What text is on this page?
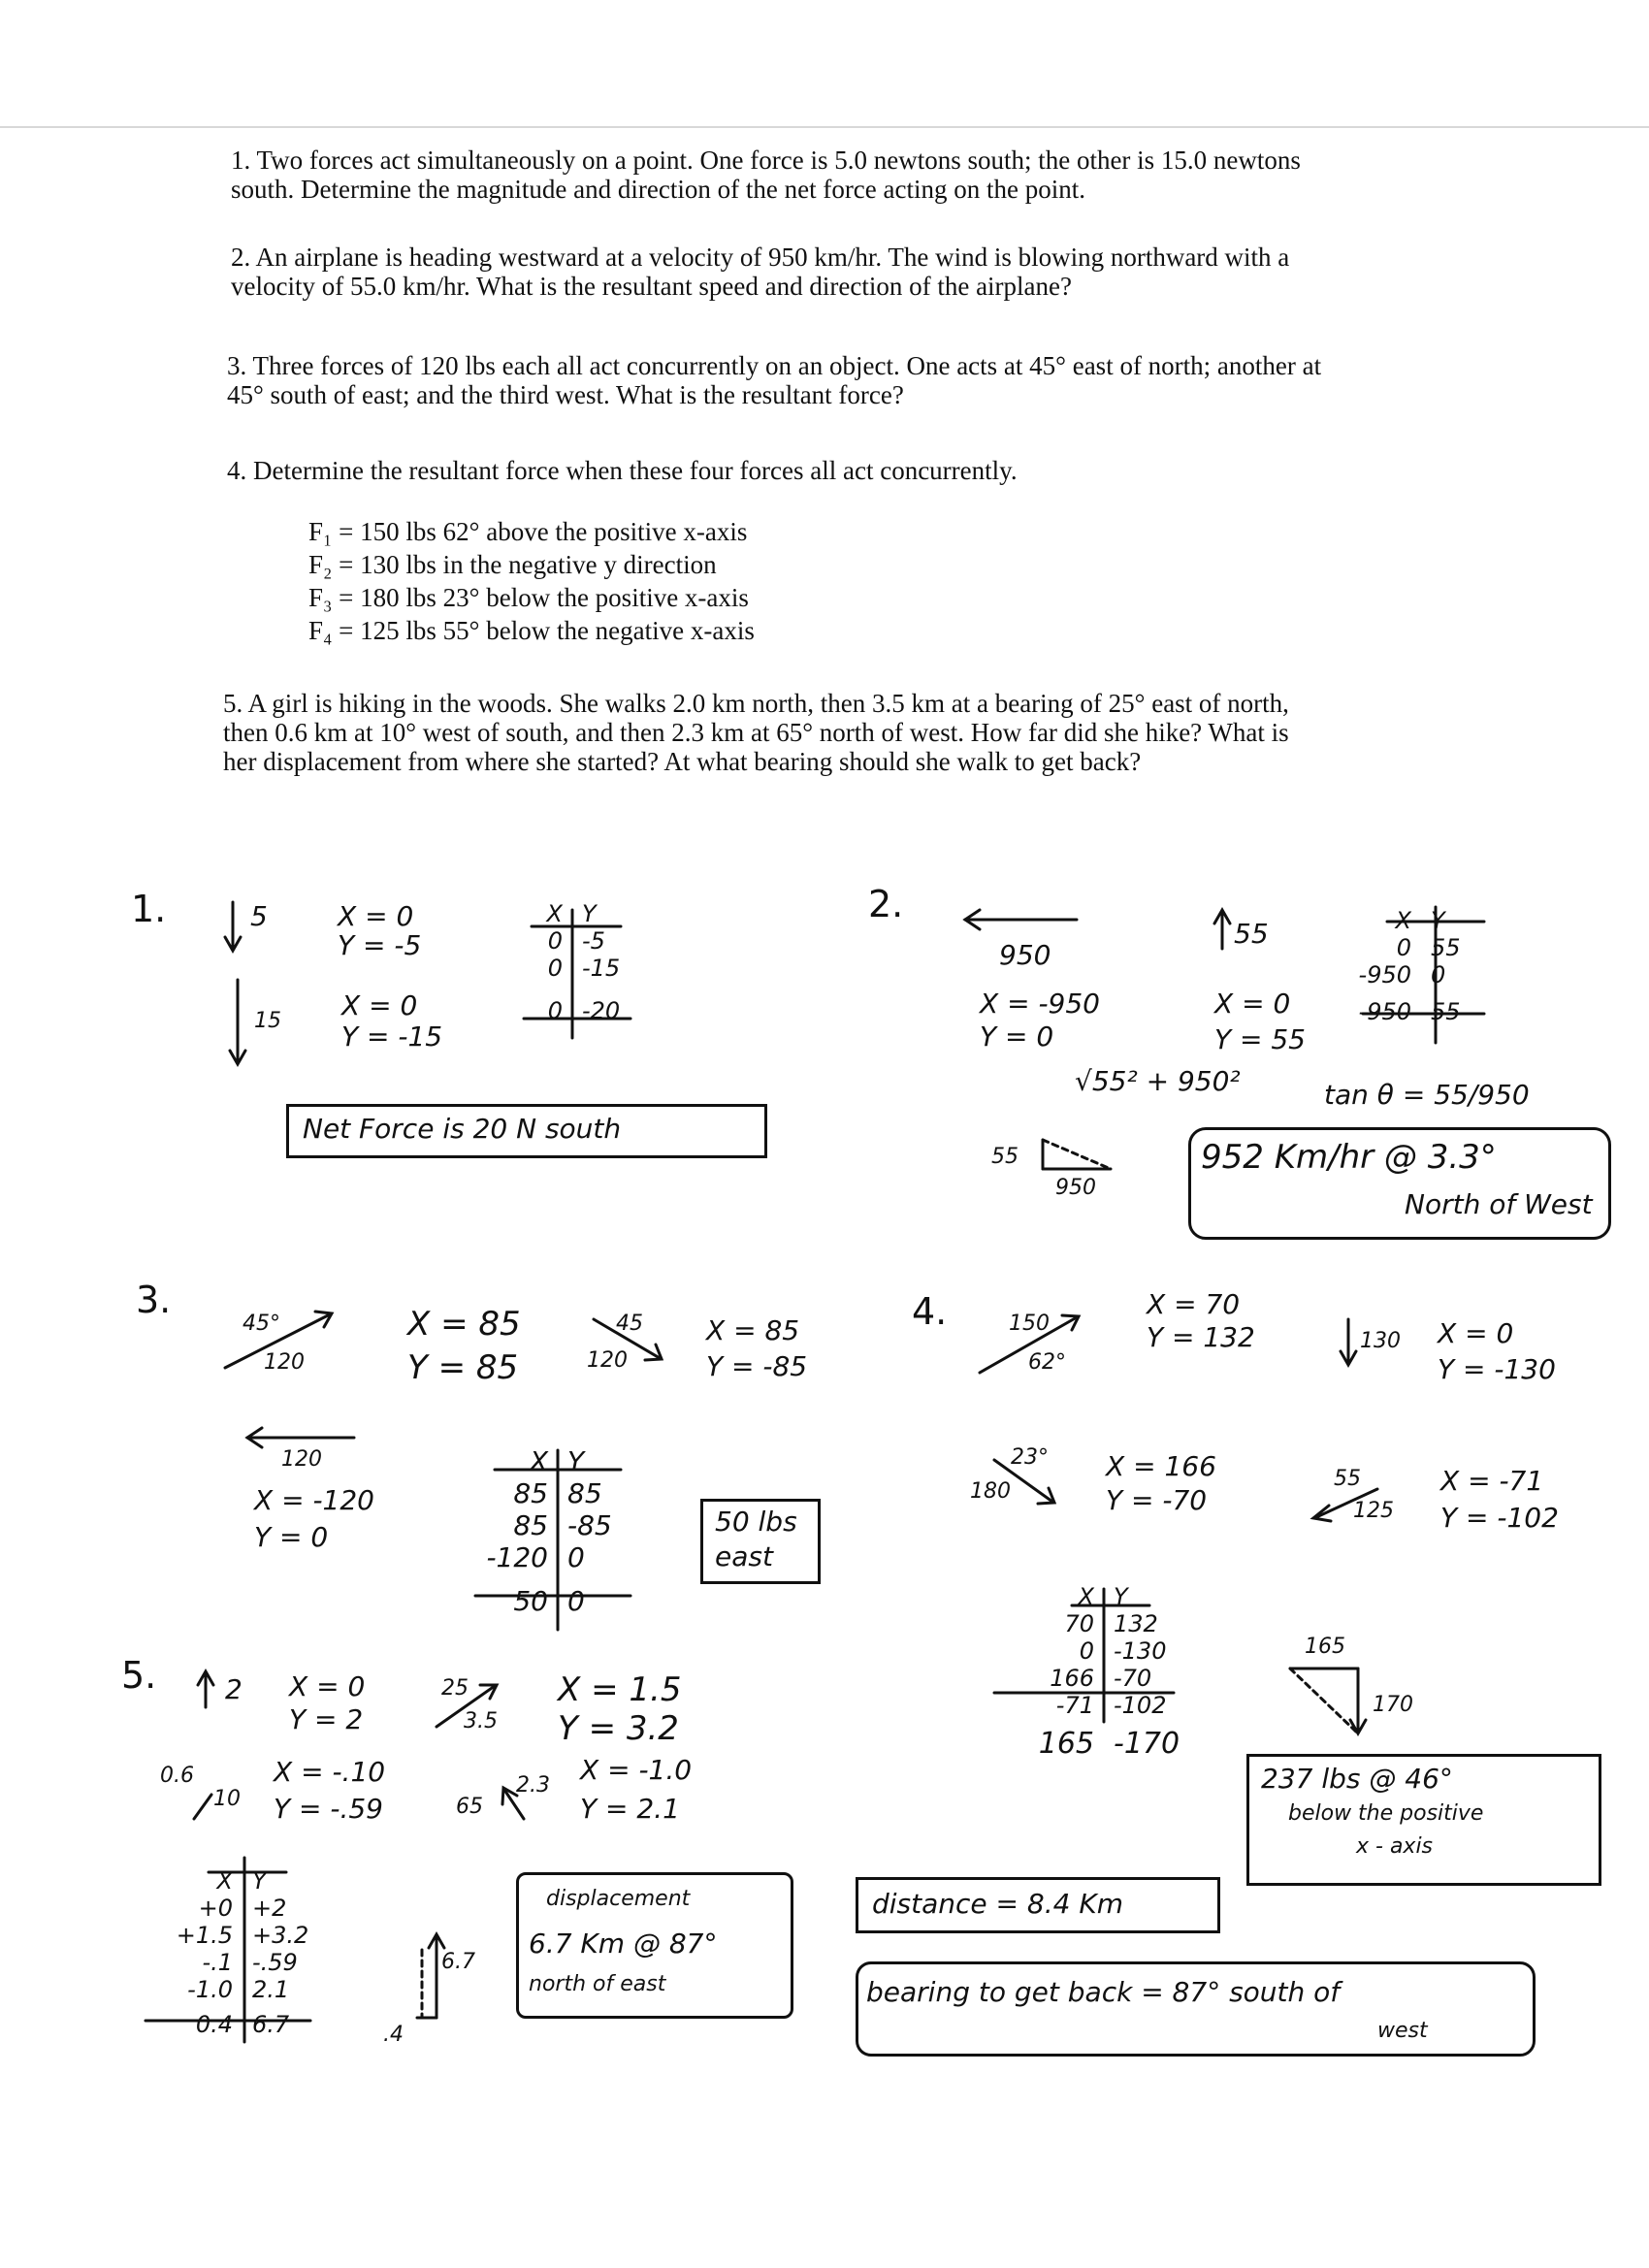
1. Two forces act simultaneously on a point. One force is 5.0 newtons south; the other is 15.0 newtons
south. Determine the magnitude and direction of the net force acting on the point.
2. An airplane is heading westward at a velocity of 950 km/hr. The wind is blowing northward with a
velocity of 55.0 km/hr. What is the resultant speed and direction of the airplane?
3. Three forces of 120 lbs each all act concurrently on an object. One acts at 45° east of north; another at
45° south of east; and the third west. What is the resultant force?
4. Determine the resultant force when these four forces all act concurrently.
F₁ = 150 lbs 62° above the positive x-axis
F₂ = 130 lbs in the negative y direction
F₃ = 180 lbs 23° below the positive x-axis
F₄ = 125 lbs 55° below the negative x-axis
5. A girl is hiking in the woods. She walks 2.0 km north, then 3.5 km at a bearing of 25° east of north,
then 0.6 km at 10° west of south, and then 2.3 km at 65° north of west. How far did she hike? What is
her displacement from where she started? At what bearing should she walk to get back?
1.	5	X = 0
Y = -5
15 X = 0
Y = -15
X Y
0 -5
0 -15
0 -20
Net Force is 20 N south
2.
950
X = -950
Y = 0
55
X = 0
Y = 55
√55² + 950²	tan θ = 55/950
55
950
X Y
0 55
-950 0
-950 55
952 Km/hr @ 3.3°
North of West
3.
45°
120
X = 85
Y = 85
45
120
X = 85
Y = -85
120
X = -120
Y = 0
X Y
85 85
85 -85
-120 0
50 0
50 lbs
east
4.	150
62°
X = 70
Y = 132	130 X = 0
Y = -130
23°
180
X = 166
Y = -70
55
125
X = -71
Y = -102
X Y
70 132
0 -130
166 -70
-71 -102
165 -170
165
170
237 lbs @ 46°
below the positive
x - axis
5.	2 X = 0
Y = 2
25
3.5
X = 1.5
Y = 3.2
0.6
10
X = -.10
Y = -.59	65
2.3 X = -1.0
Y = 2.1
X Y
+0 +2
+1.5 +3.2
-.1 -.59
-1.0 2.1
0.4 6.7
6.7
.4
displacement
6.7 Km @ 87°
north of east
distance = 8.4 Km
bearing to get back = 87° south of
west
